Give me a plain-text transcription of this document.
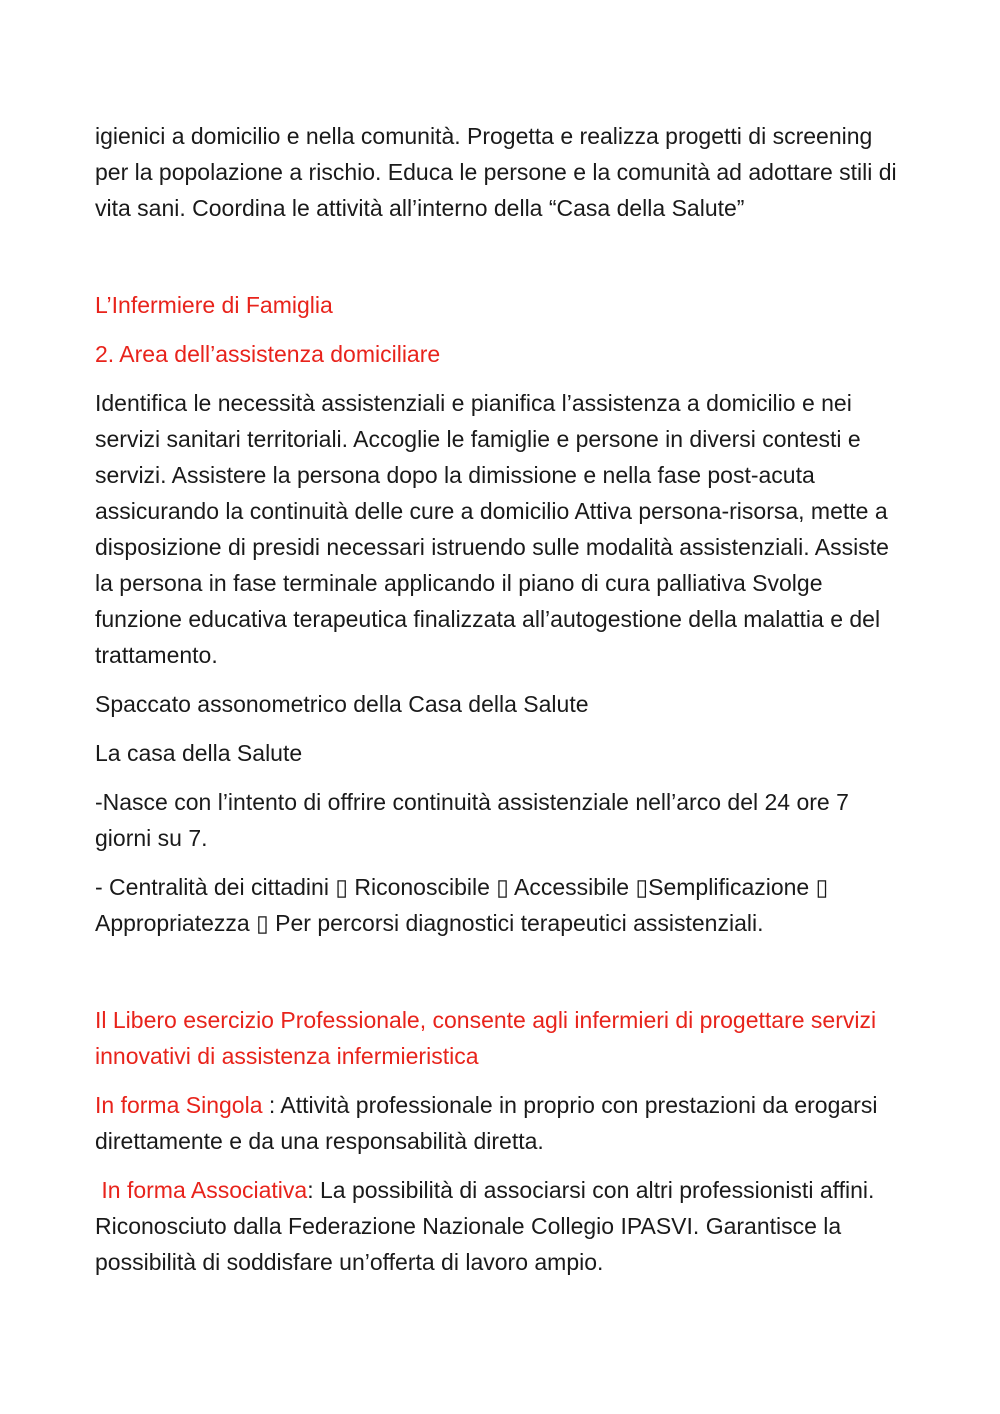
igienici a domicilio e nella comunità. Progetta e realizza progetti di screening per la popolazione a rischio. Educa le persone e la comunità ad adottare stili di vita sani. Coordina le attività all’interno della “Casa della Salute”

L’Infermiere di Famiglia

2. Area dell’assistenza domiciliare

Identifica le necessità assistenziali e pianifica l’assistenza a domicilio e nei servizi sanitari territoriali. Accoglie le famiglie e persone in diversi contesti e servizi. Assistere la persona dopo la dimissione e nella fase post-acuta assicurando la continuità delle cure a domicilio Attiva persona-risorsa, mette a disposizione di presidi necessari istruendo sulle modalità assistenziali. Assiste la persona in fase terminale applicando il piano di cura palliativa Svolge funzione educativa terapeutica finalizzata all’autogestione della malattia e del trattamento.

Spaccato assonometrico della Casa della Salute

La casa della Salute

-Nasce con l’intento di offrire continuità assistenziale nell’arco del 24 ore 7 giorni su 7.

- Centralità dei cittadini ▯ Riconoscibile ▯ Accessibile ▯Semplificazione ▯ Appropriatezza ▯ Per percorsi diagnostici terapeutici assistenziali.

Il Libero esercizio Professionale, consente agli infermieri di progettare servizi innovativi di assistenza infermieristica

In forma Singola : Attività professionale in proprio con prestazioni da erogarsi direttamente e da una responsabilità diretta.

In forma Associativa: La possibilità di associarsi con altri professionisti affini. Riconosciuto dalla Federazione Nazionale Collegio IPASVI. Garantisce la possibilità di soddisfare un’offerta di lavoro ampio.
